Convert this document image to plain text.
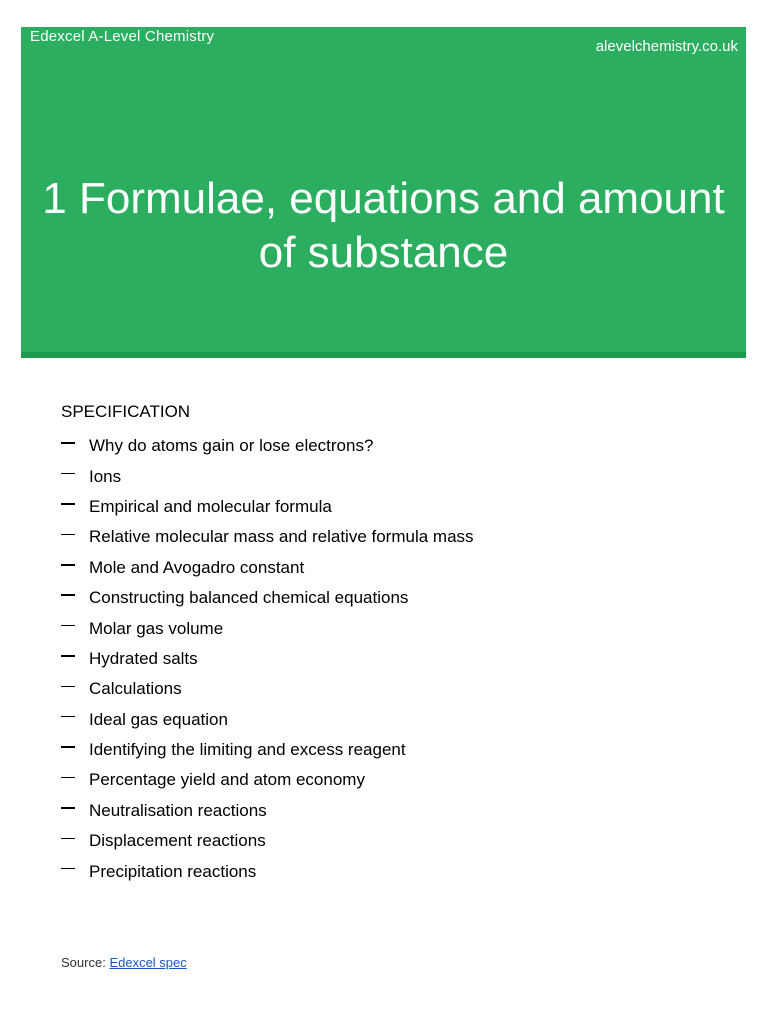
Edexcel A-Level Chemistry
alevelchemistry.co.uk
1 Formulae, equations and amount of substance
SPECIFICATION
Why do atoms gain or lose electrons?
Ions
Empirical and molecular formula
Relative molecular mass and relative formula mass
Mole and Avogadro constant
Constructing balanced chemical equations
Molar gas volume
Hydrated salts
Calculations
Ideal gas equation
Identifying the limiting and excess reagent
Percentage yield and atom economy
Neutralisation reactions
Displacement reactions
Precipitation reactions
Source: Edexcel spec
